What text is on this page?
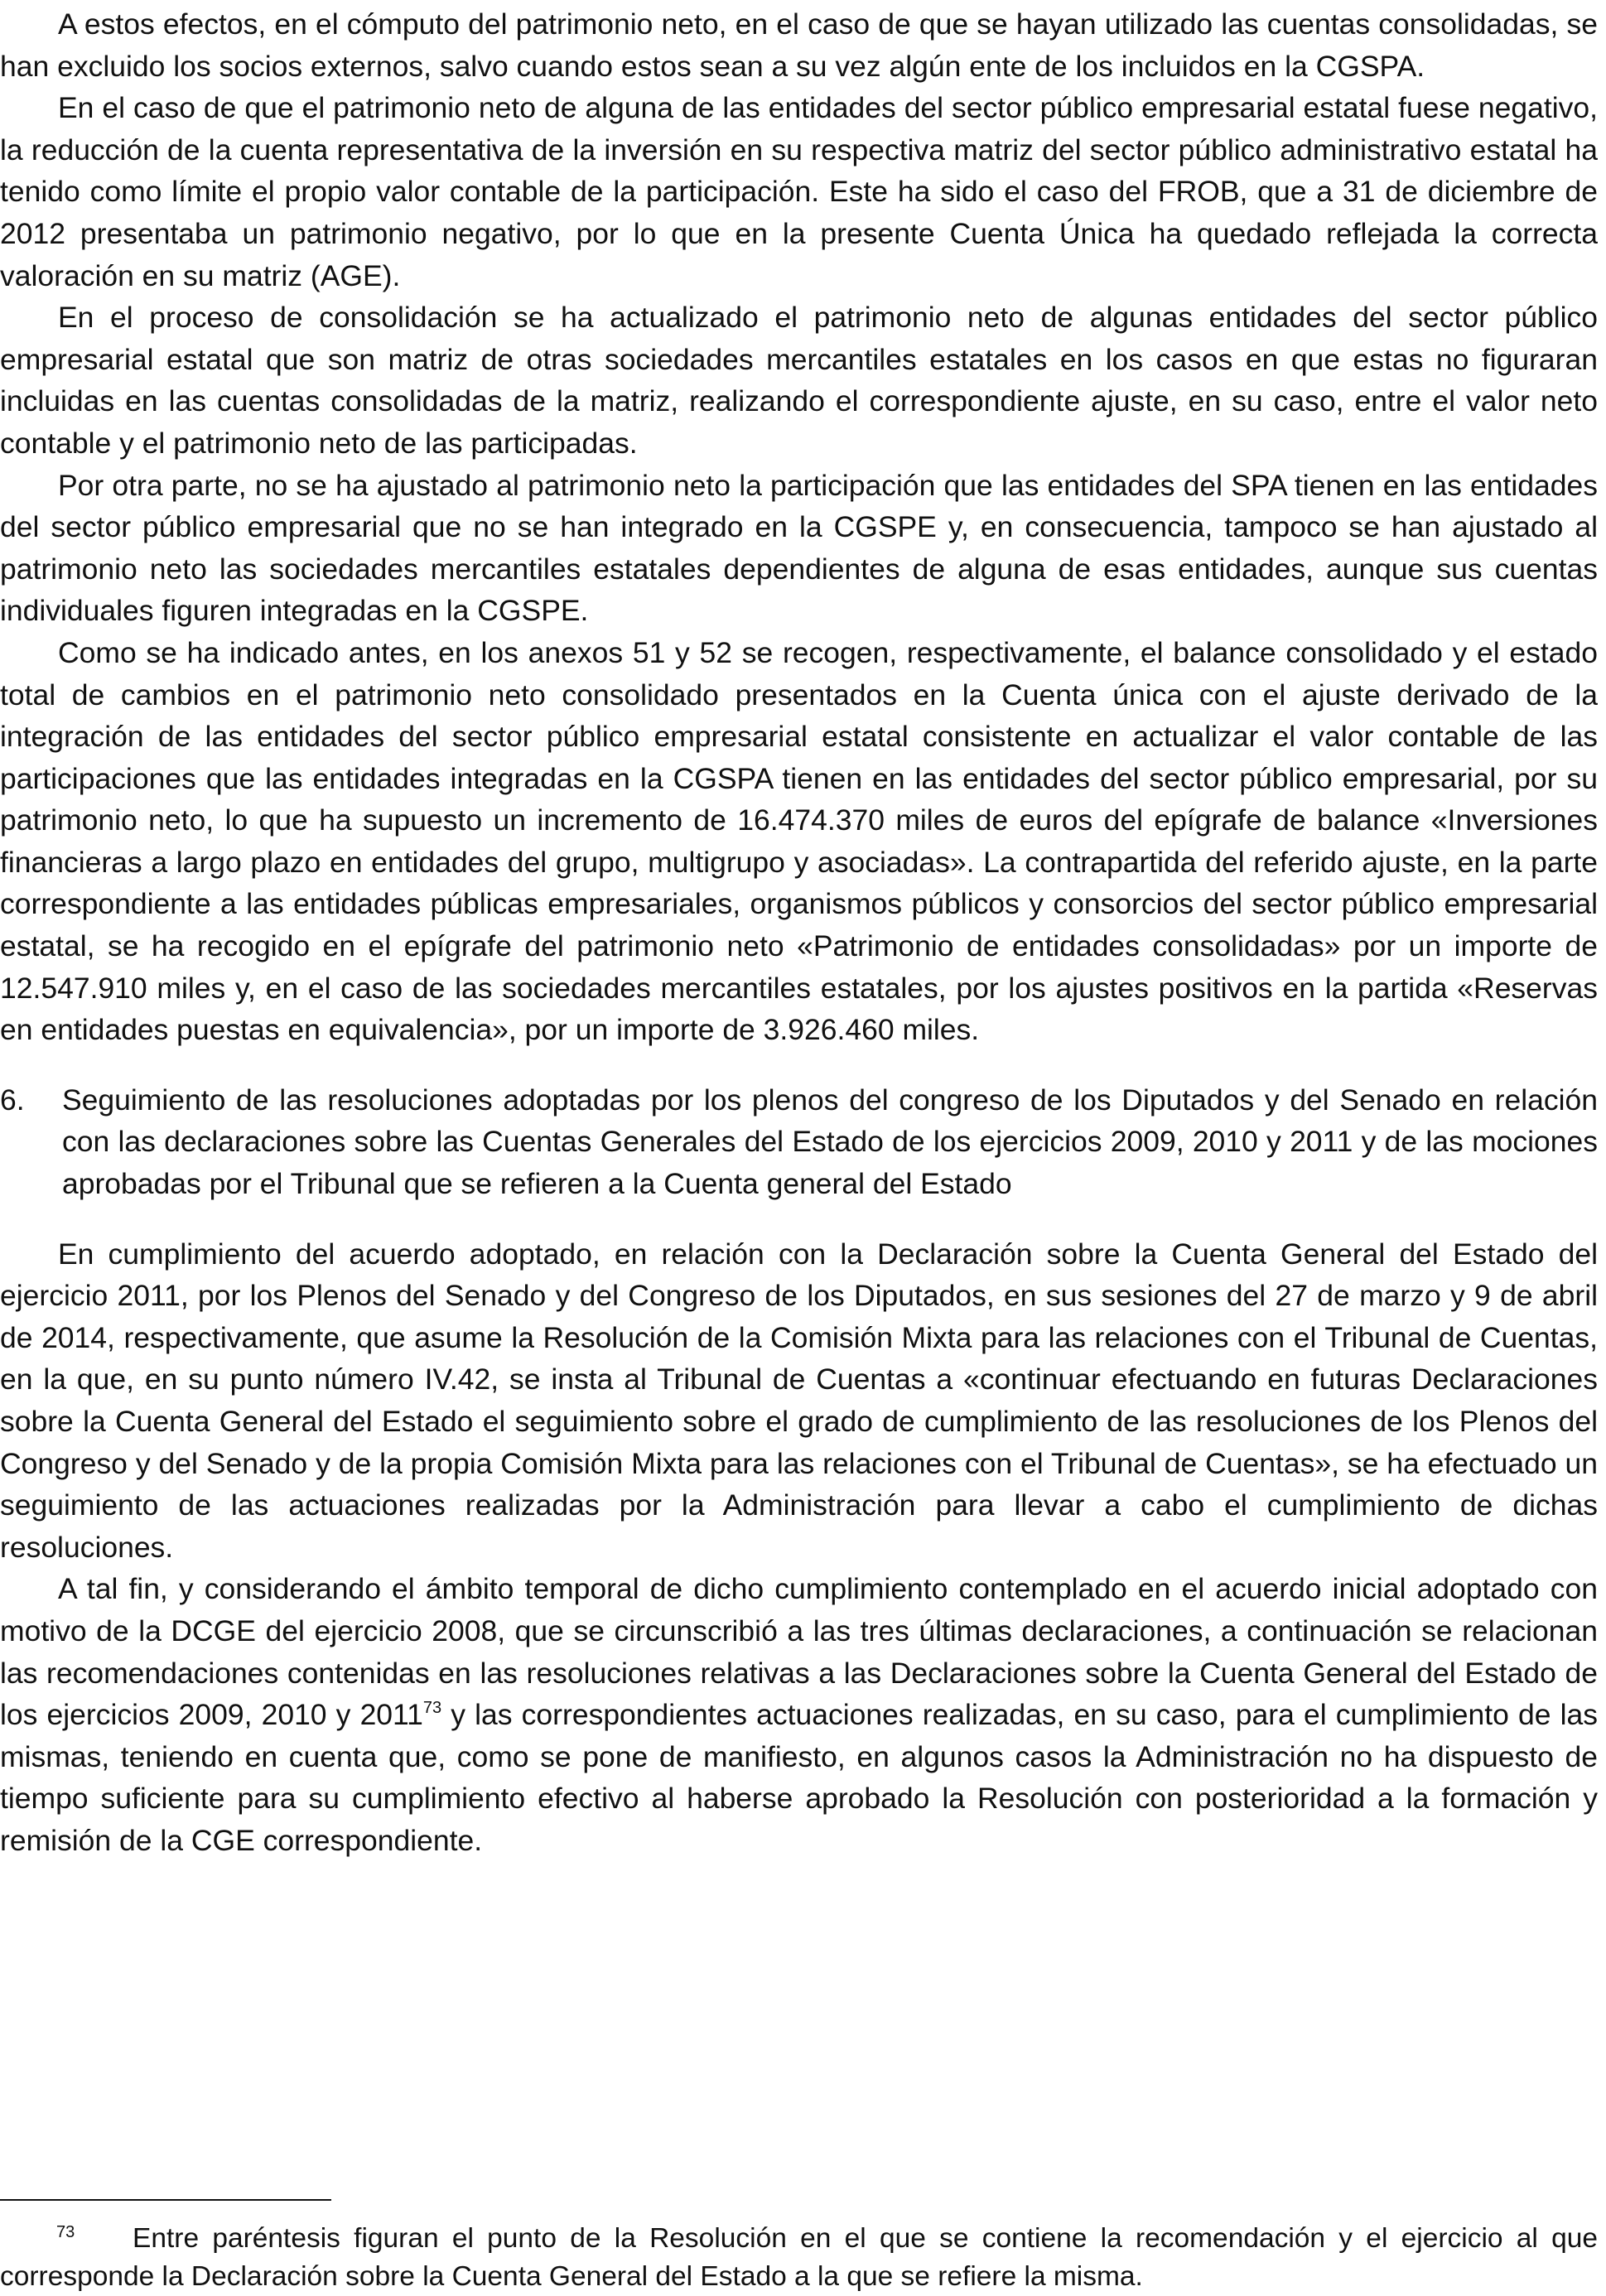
A estos efectos, en el cómputo del patrimonio neto, en el caso de que se hayan utilizado las cuentas consolidadas, se han excluido los socios externos, salvo cuando estos sean a su vez algún ente de los incluidos en la CGSPA.

En el caso de que el patrimonio neto de alguna de las entidades del sector público empresarial estatal fuese negativo, la reducción de la cuenta representativa de la inversión en su respectiva matriz del sector público administrativo estatal ha tenido como límite el propio valor contable de la participación. Este ha sido el caso del FROB, que a 31 de diciembre de 2012 presentaba un patrimonio negativo, por lo que en la presente Cuenta Única ha quedado reflejada la correcta valoración en su matriz (AGE).

En el proceso de consolidación se ha actualizado el patrimonio neto de algunas entidades del sector público empresarial estatal que son matriz de otras sociedades mercantiles estatales en los casos en que estas no figuraran incluidas en las cuentas consolidadas de la matriz, realizando el correspondiente ajuste, en su caso, entre el valor neto contable y el patrimonio neto de las participadas.

Por otra parte, no se ha ajustado al patrimonio neto la participación que las entidades del SPA tienen en las entidades del sector público empresarial que no se han integrado en la CGSPE y, en consecuencia, tampoco se han ajustado al patrimonio neto las sociedades mercantiles estatales dependientes de alguna de esas entidades, aunque sus cuentas individuales figuren integradas en la CGSPE.

Como se ha indicado antes, en los anexos 51 y 52 se recogen, respectivamente, el balance consolidado y el estado total de cambios en el patrimonio neto consolidado presentados en la Cuenta única con el ajuste derivado de la integración de las entidades del sector público empresarial estatal consistente en actualizar el valor contable de las participaciones que las entidades integradas en la CGSPA tienen en las entidades del sector público empresarial, por su patrimonio neto, lo que ha supuesto un incremento de 16.474.370 miles de euros del epígrafe de balance «Inversiones financieras a largo plazo en entidades del grupo, multigrupo y asociadas». La contrapartida del referido ajuste, en la parte correspondiente a las entidades públicas empresariales, organismos públicos y consorcios del sector público empresarial estatal, se ha recogido en el epígrafe del patrimonio neto «Patrimonio de entidades consolidadas» por un importe de 12.547.910 miles y, en el caso de las sociedades mercantiles estatales, por los ajustes positivos en la partida «Reservas en entidades puestas en equivalencia», por un importe de 3.926.460 miles.

6.	Seguimiento de las resoluciones adoptadas por los plenos del congreso de los Diputados y del Senado en relación con las declaraciones sobre las Cuentas Generales del Estado de los ejercicios 2009, 2010 y 2011 y de las mociones aprobadas por el Tribunal que se refieren a la Cuenta general del Estado

En cumplimiento del acuerdo adoptado, en relación con la Declaración sobre la Cuenta General del Estado del ejercicio 2011, por los Plenos del Senado y del Congreso de los Diputados, en sus sesiones del 27 de marzo y 9 de abril de 2014, respectivamente, que asume la Resolución de la Comisión Mixta para las relaciones con el Tribunal de Cuentas, en la que, en su punto número IV.42, se insta al Tribunal de Cuentas a «continuar efectuando en futuras Declaraciones sobre la Cuenta General del Estado el seguimiento sobre el grado de cumplimiento de las resoluciones de los Plenos del Congreso y del Senado y de la propia Comisión Mixta para las relaciones con el Tribunal de Cuentas», se ha efectuado un seguimiento de las actuaciones realizadas por la Administración para llevar a cabo el cumplimiento de dichas resoluciones.

A tal fin, y considerando el ámbito temporal de dicho cumplimiento contemplado en el acuerdo inicial adoptado con motivo de la DCGE del ejercicio 2008, que se circunscribió a las tres últimas declaraciones, a continuación se relacionan las recomendaciones contenidas en las resoluciones relativas a las Declaraciones sobre la Cuenta General del Estado de los ejercicios 2009, 2010 y 2011$^{73}$ y las correspondientes actuaciones realizadas, en su caso, para el cumplimiento de las mismas, teniendo en cuenta que, como se pone de manifiesto, en algunos casos la Administración no ha dispuesto de tiempo suficiente para su cumplimiento efectivo al haberse aprobado la Resolución con posterioridad a la formación y remisión de la CGE correspondiente.

73 Entre paréntesis figuran el punto de la Resolución en el que se contiene la recomendación y el ejercicio al que corresponde la Declaración sobre la Cuenta General del Estado a la que se refiere la misma.
